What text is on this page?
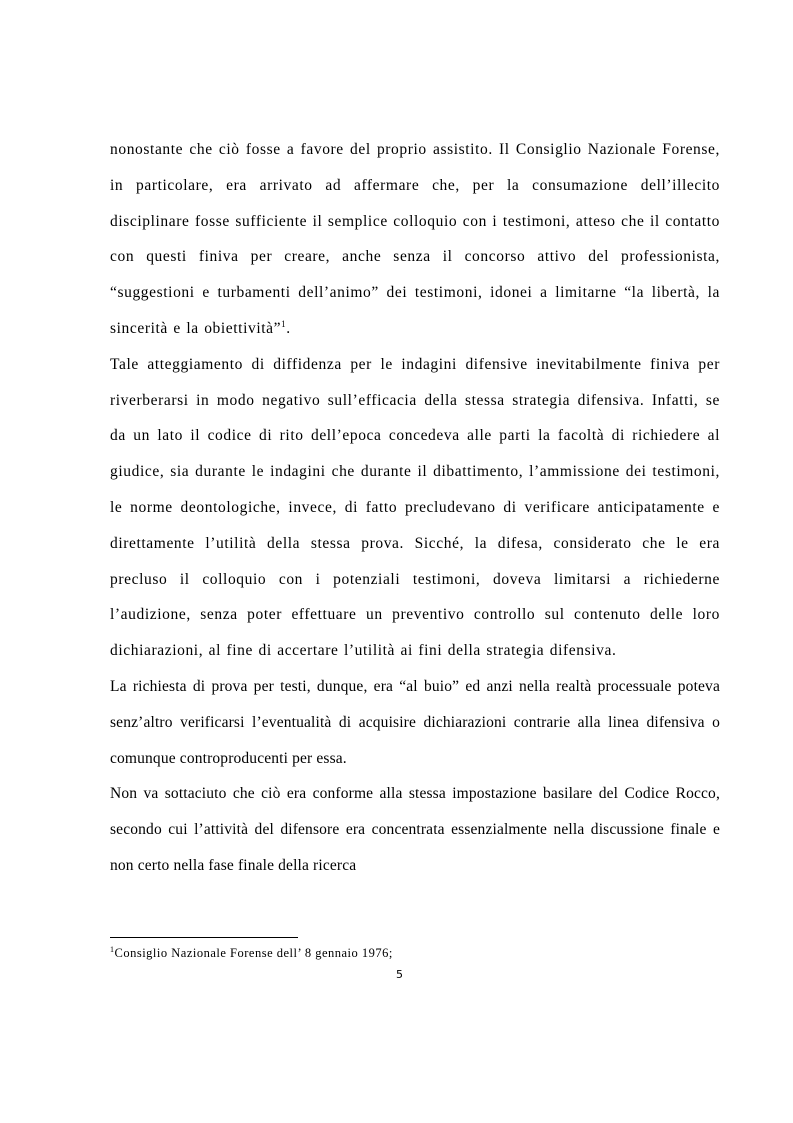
nonostante che ciò fosse a favore del proprio assistito. Il Consiglio Nazionale Forense, in particolare, era arrivato ad affermare che, per la consumazione dell’illecito disciplinare fosse sufficiente il semplice colloquio con i testimoni, atteso che il contatto con questi finiva per creare, anche senza il concorso attivo del professionista, “suggestioni e turbamenti dell’animo” dei testimoni, idonei a limitarne “la libertà, la sincerità e la obiettività”$^1$.

Tale atteggiamento di diffidenza per le indagini difensive inevitabilmente finiva per riverberarsi in modo negativo sull’efficacia della stessa strategia difensiva. Infatti, se da un lato il codice di rito dell’epoca concedeva alle parti la facoltà di richiedere al giudice, sia durante le indagini che durante il dibattimento, l’ammissione dei testimoni, le norme deontologiche, invece, di fatto precludevano di verificare anticipatamente e direttamente l’utilità della stessa prova. Sicché, la difesa, considerato che le era precluso il colloquio con i potenziali testimoni, doveva limitarsi a richiederne l’audizione, senza poter effettuare un preventivo controllo sul contenuto delle loro dichiarazioni, al fine di accertare l’utilità ai fini della strategia difensiva.

La richiesta di prova per testi, dunque, era “al buio” ed anzi nella realtà processuale poteva senz’altro verificarsi l’eventualità di acquisire dichiarazioni contrarie alla linea difensiva o comunque controproducenti per essa.

Non va sottaciuto che ciò era conforme alla stessa impostazione basilare del Codice Rocco, secondo cui l’attività del difensore era concentrata essenzialmente nella discussione finale e non certo nella fase finale della ricerca

$^1$Consiglio Nazionale Forense dell’ 8 gennaio 1976;
5
